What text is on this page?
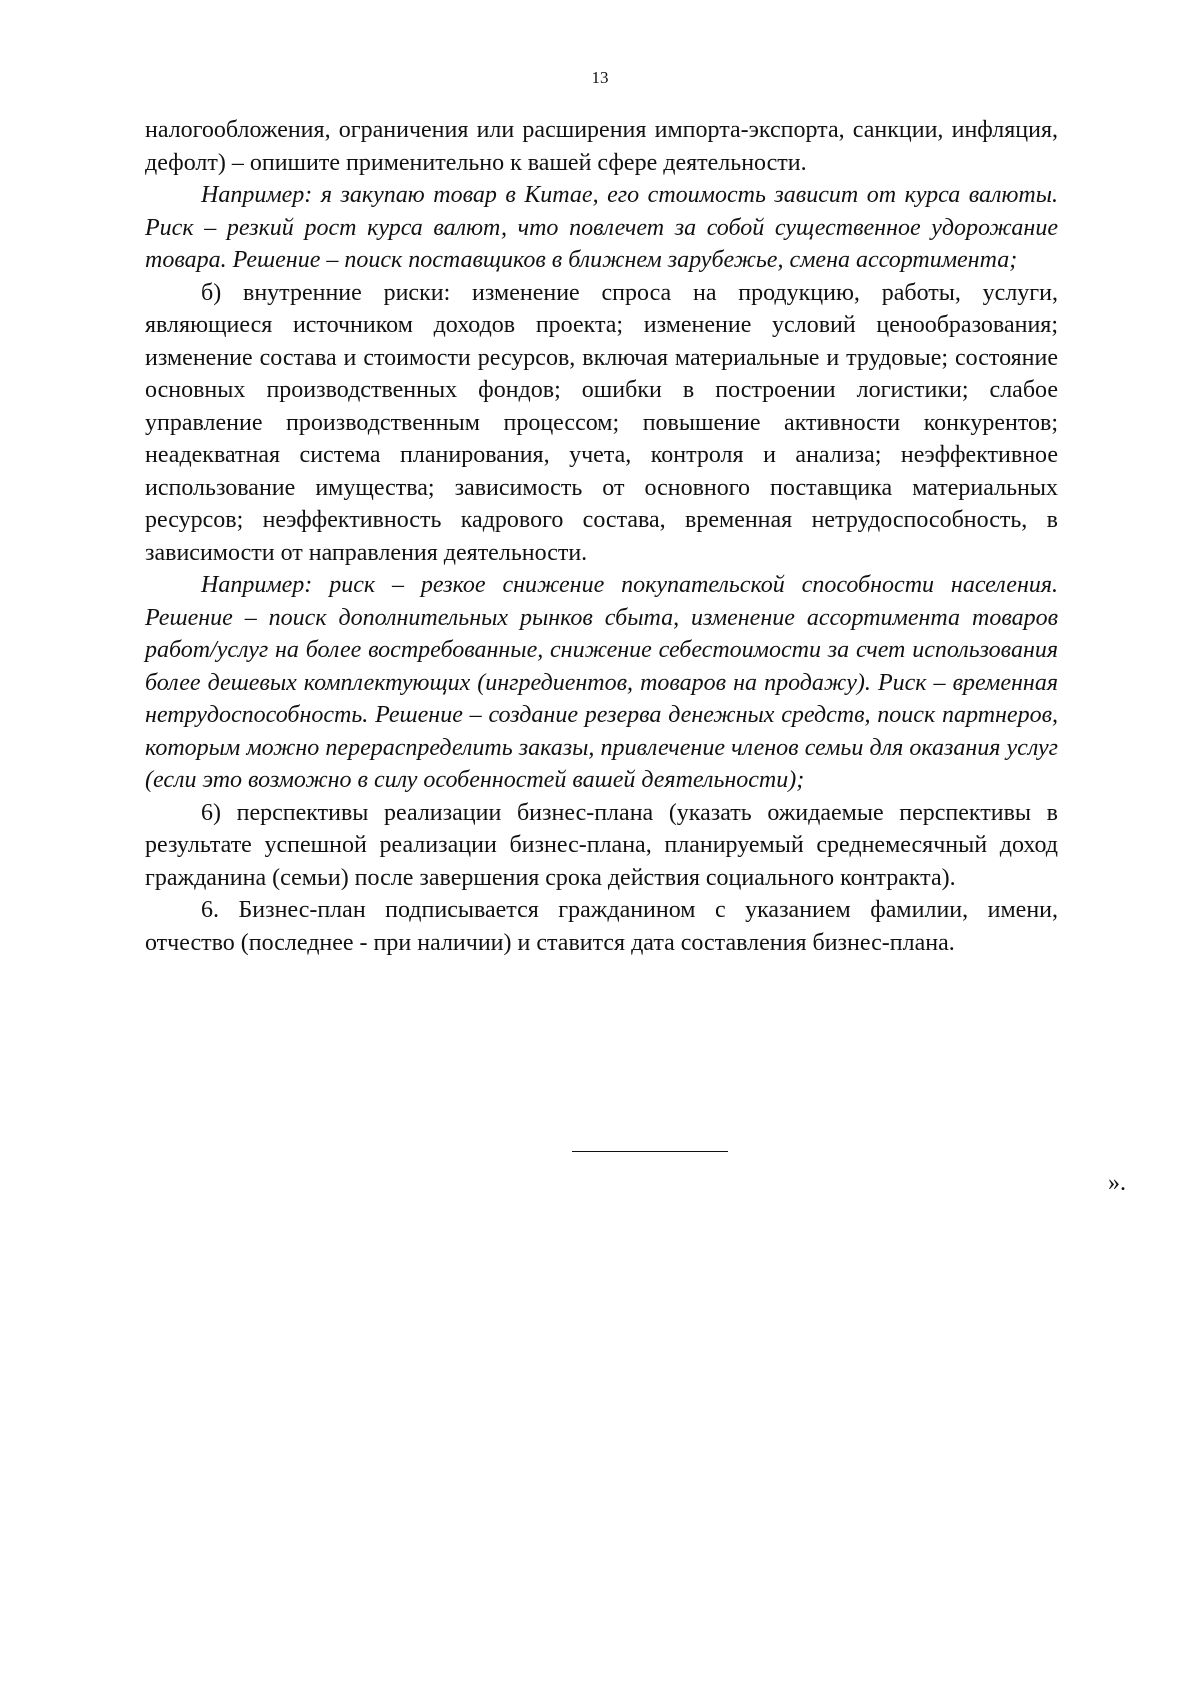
13

налогообложения, ограничения или расширения импорта-экспорта, санкции, инфляция, дефолт) – опишите применительно к вашей сфере деятельности.

Например: я закупаю товар в Китае, его стоимость зависит от курса валюты. Риск – резкий рост курса валют, что повлечет за собой существенное удорожание товара. Решение – поиск поставщиков в ближнем зарубежье, смена ассортимента;

б) внутренние риски: изменение спроса на продукцию, работы, услуги, являющиеся источником доходов проекта; изменение условий ценообразования; изменение состава и стоимости ресурсов, включая материальные и трудовые; состояние основных производственных фондов; ошибки в построении логистики; слабое управление производственным процессом; повышение активности конкурентов; неадекватная система планирования, учета, контроля и анализа; неэффективное использование имущества; зависимость от основного поставщика материальных ресурсов; неэффективность кадрового состава, временная нетрудоспособность, в зависимости от направления деятельности.

Например: риск – резкое снижение покупательской способности населения. Решение – поиск дополнительных рынков сбыта, изменение ассортимента товаров работ/услуг на более востребованные, снижение себестоимости за счет использования более дешевых комплектующих (ингредиентов, товаров на продажу). Риск – временная нетрудоспособность. Решение – создание резерва денежных средств, поиск партнеров, которым можно перераспределить заказы, привлечение членов семьи для оказания услуг (если это возможно в силу особенностей вашей деятельности);

6) перспективы реализации бизнес-плана (указать ожидаемые перспективы в результате успешной реализации бизнес-плана, планируемый среднемесячный доход гражданина (семьи) после завершения срока действия социального контракта).

6. Бизнес-план подписывается гражданином с указанием фамилии, имени, отчество (последнее - при наличии) и ставится дата составления бизнес-плана.

».
